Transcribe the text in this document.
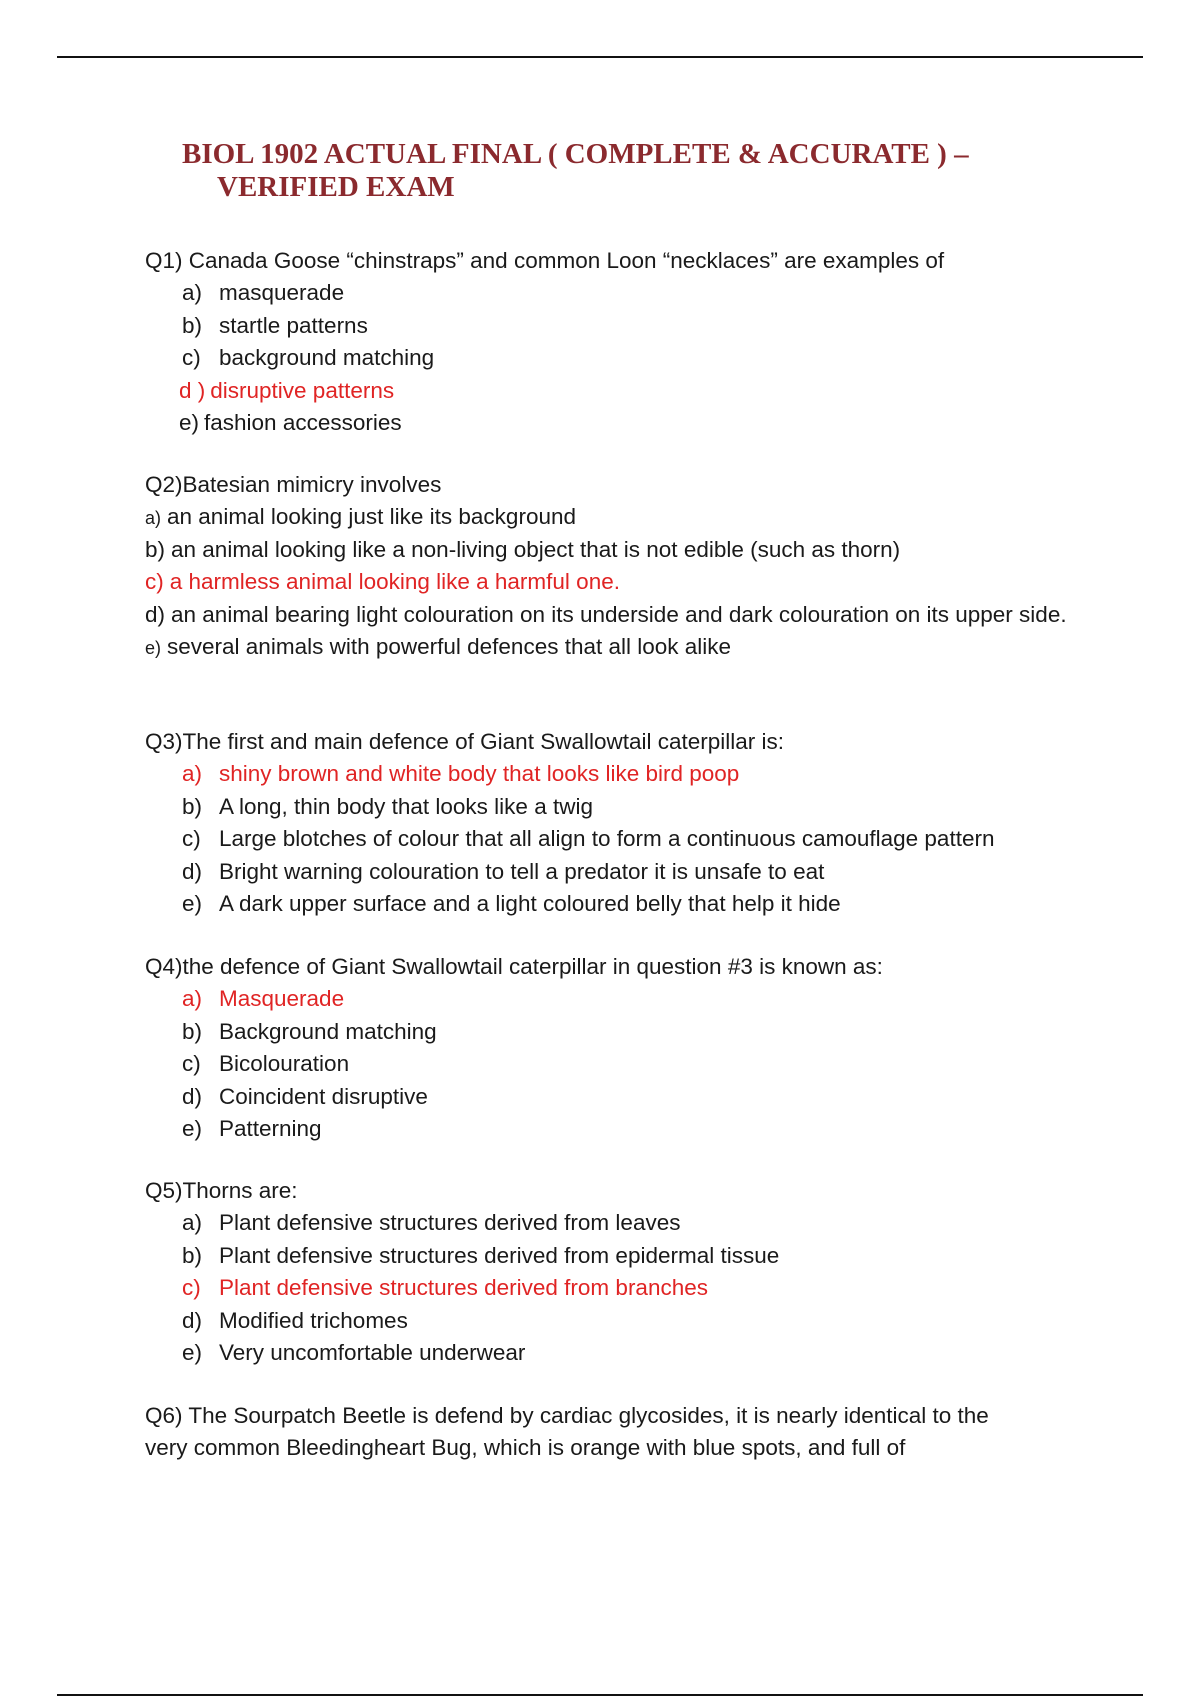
BIOL 1902 ACTUAL FINAL ( COMPLETE & ACCURATE ) –
VERIFIED EXAM
Q1) Canada Goose “chinstraps” and common Loon “necklaces” are examples of
a) masquerade
b) startle patterns
c) background matching
d ) disruptive patterns
e) fashion accessories
Q2)Batesian mimicry involves
a) an animal looking just like its background
b) an animal looking like a non-living object that is not edible (such as thorn)
c) a harmless animal looking like a harmful one.
d) an animal bearing light colouration on its underside and dark colouration on its upper side.
e) several animals with powerful defences that all look alike
Q3)The first and main defence of Giant Swallowtail caterpillar is:
a) shiny brown and white body that looks like bird poop
b) A long, thin body that looks like a twig
c) Large blotches of colour that all align to form a continuous camouflage pattern
d) Bright warning colouration to tell a predator it is unsafe to eat
e) A dark upper surface and a light coloured belly that help it hide
Q4)the defence of Giant Swallowtail caterpillar in question #3 is known as:
a) Masquerade
b) Background matching
c) Bicolouration
d) Coincident disruptive
e) Patterning
Q5)Thorns are:
a) Plant defensive structures derived from leaves
b) Plant defensive structures derived from epidermal tissue
c) Plant defensive structures derived from branches
d) Modified trichomes
e) Very uncomfortable underwear
Q6) The Sourpatch Beetle is defend by cardiac glycosides, it is nearly identical to the
very common Bleedingheart Bug, which is orange with blue spots, and full of
